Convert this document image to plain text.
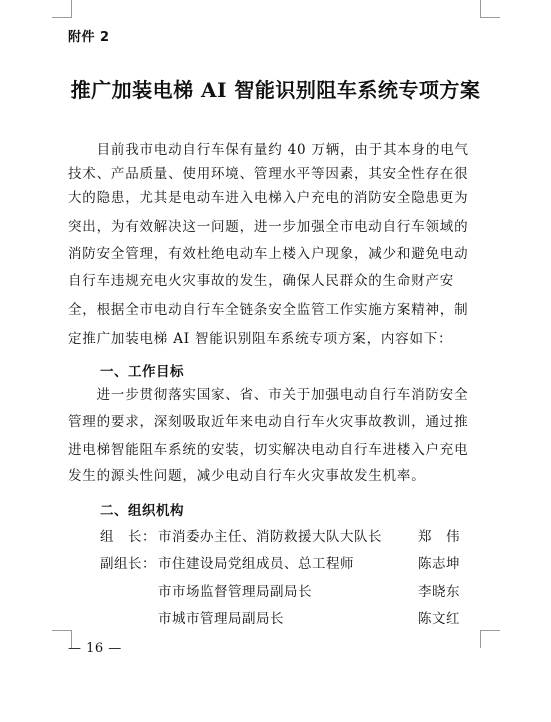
附件 2
推广加装电梯 AI 智能识别阻车系统专项方案
　　目前我市电动自行车保有量约 40 万辆，由于其本身的电气
技术、产品质量、使用环境、管理水平等因素，其安全性存在很
大的隐患，尤其是电动车进入电梯入户充电的消防安全隐患更为
突出，为有效解决这一问题，进一步加强全市电动自行车领域的
消防安全管理，有效杜绝电动车上楼入户现象，减少和避免电动
自行车违规充电火灾事故的发生，确保人民群众的生命财产安
全，根据全市电动自行车全链条安全监管工作实施方案精神，制
定推广加装电梯 AI 智能识别阻车系统专项方案，内容如下：
一、工作目标
　　进一步贯彻落实国家、省、市关于加强电动自行车消防安全
管理的要求，深刻吸取近年来电动自行车火灾事故教训，通过推
进电梯智能阻车系统的安装，切实解决电动自行车进楼入户充电
发生的源头性问题，减少电动自行车火灾事故发生机率。
二、组织机构
组　长： 市消委办主任、消防救援大队大队长	郑　伟
副组长： 市住建设局党组成员、总工程师	陈志坤
市市场监督管理局副局长	李晓东
市城市管理局副局长	陈文红
— 16 —
